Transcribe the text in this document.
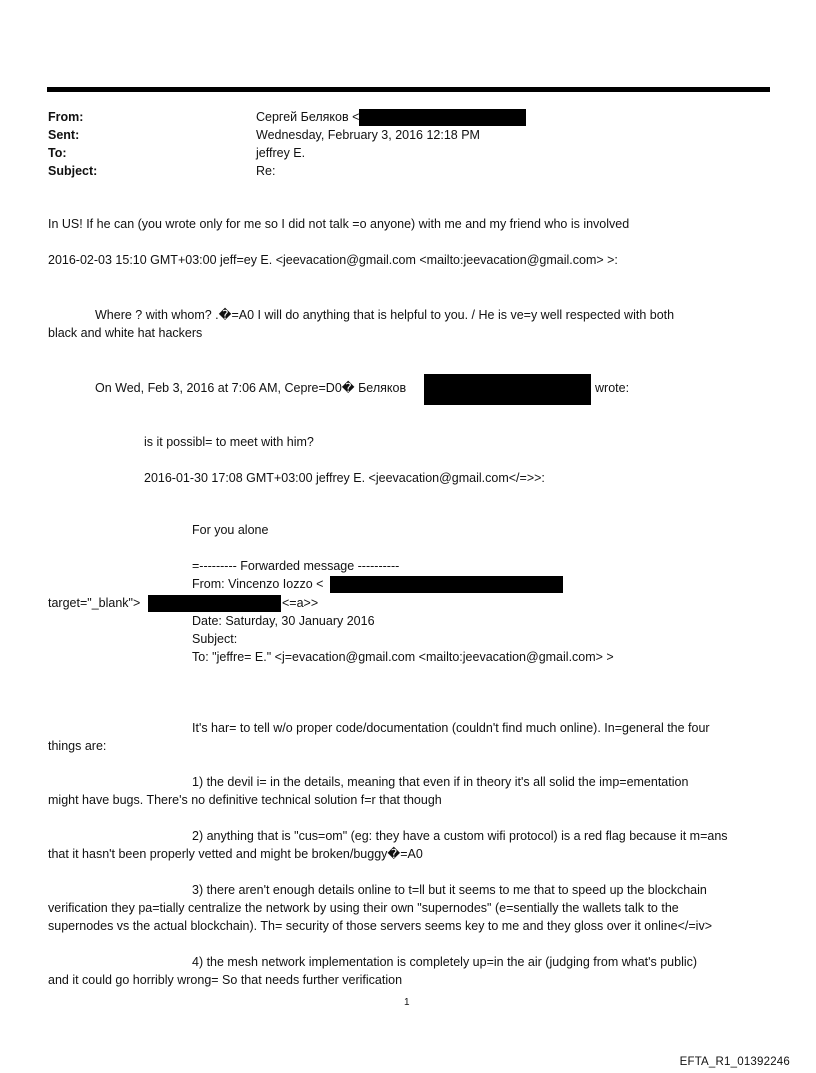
From:	Сергей Беляков <
Sent:	Wednesday, February 3, 2016 12:18 PM
To:	jeffrey E.
Subject:	Re:
In US! If he can (you wrote only for me so I did not talk =o anyone) with me and my friend who is involved
2016-02-03 15:10 GMT+03:00 jeff=ey E. <jeevacation@gmail.com <mailto:jeevacation@gmail.com> >:
Where ? with whom? .�=A0 I will do anything that is helpful to you. / He is ve=y well respected with both
black and white hat hackers
On Wed, Feb 3, 2016 at 7:06 AM, Cepre=D0� Беляков	wrote:
is it possibl= to meet with him?
2016-01-30 17:08 GMT+03:00 jeffrey E. <jeevacation@gmail.com</=>>:
For you alone
=--------- Forwarded message ----------
From: Vincenzo Iozzo <
target="_blank">	<=a>>
Date: Saturday, 30 January 2016
Subject:
To: "jeffre= E." <j=evacation@gmail.com <mailto:jeevacation@gmail.com> >
It's har= to tell w/o proper code/documentation (couldn't find much online). In=general the four
things are:
1) the devil i= in the details, meaning that even if in theory it's all solid the imp=ementation
might have bugs. There's no definitive technical solution f=r that though
2) anything that is "cus=om" (eg: they have a custom wifi protocol) is a red flag because it m=ans
that it hasn't been properly vetted and might be broken/buggy�=A0
3) there aren't enough details online to t=ll but it seems to me that to speed up the blockchain
verification they pa=tially centralize the network by using their own "supernodes" (e=sentially the wallets talk to the
supernodes vs the actual blockchain). Th= security of those servers seems key to me and they gloss over it online</=iv>
4) the mesh network implementation is completely up=in the air (judging from what's public)
and it could go horribly wrong= So that needs further verification
1
EFTA_R1_01392246
